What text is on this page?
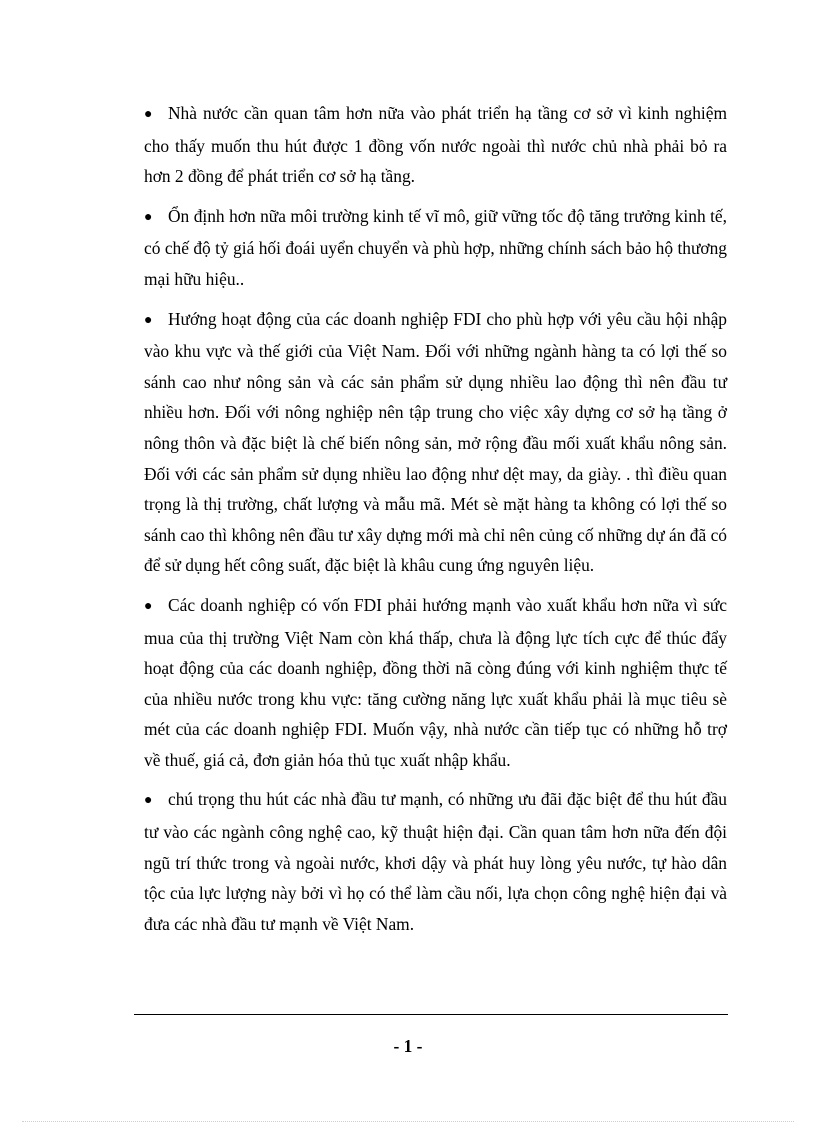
● Nhà nước cần quan tâm hơn nữa vào phát triển hạ tầng cơ sở vì kinh nghiệm cho thấy muốn thu hút được 1 đồng vốn nước ngoài thì nước chủ nhà phải bỏ ra hơn 2 đồng để phát triển cơ sở hạ tầng.

● Ổn định hơn nữa môi trường kinh tế vĩ mô, giữ vững tốc độ tăng trưởng kinh tế, có chế độ tỷ giá hối đoái uyển chuyển và phù hợp, những chính sách bảo hộ thương mại hữu hiệu..

● Hướng hoạt động của các doanh nghiệp FDI cho phù hợp với yêu cầu hội nhập vào khu vực và thế giới của Việt Nam. Đối với những ngành hàng ta có lợi thế so sánh cao như nông sản và các sản phẩm sử dụng nhiều lao động thì nên đầu tư nhiều hơn. Đối với nông nghiệp nên tập trung cho việc xây dựng cơ sở hạ tầng ở nông thôn và đặc biệt là chế biến nông sản, mở rộng đầu mối xuất khẩu nông sản. Đối với các sản phẩm sử dụng nhiều lao động như dệt may, da giày. . thì điều quan trọng là thị trường, chất lượng và mẫu mã. Mét sè mặt hàng ta không có lợi thế so sánh cao thì không nên đầu tư xây dựng mới mà chỉ nên củng cố những dự án đã có để sử dụng hết công suất, đặc biệt là khâu cung ứng nguyên liệu.

● Các doanh nghiệp có vốn FDI phải hướng mạnh vào xuất khẩu hơn nữa vì sức mua của thị trường Việt Nam còn khá thấp, chưa là động lực tích cực để thúc đẩy hoạt động của các doanh nghiệp, đồng thời nã còng đúng với kinh nghiệm thực tế của nhiều nước trong khu vực: tăng cường năng lực xuất khẩu phải là mục tiêu sè mét của các doanh nghiệp FDI. Muốn vậy, nhà nước cần tiếp tục có những hỗ trợ về thuế, giá cả, đơn giản hóa thủ tục xuất nhập khẩu.

● chú trọng thu hút các nhà đầu tư mạnh, có những ưu đãi đặc biệt để thu hút đầu tư vào các ngành công nghệ cao, kỹ thuật hiện đại. Cần quan tâm hơn nữa đến đội ngũ trí thức trong và ngoài nước, khơi dậy và phát huy lòng yêu nước, tự hào dân tộc của lực lượng này bởi vì họ có thể làm cầu nối, lựa chọn công nghệ hiện đại và đưa các nhà đầu tư mạnh về Việt Nam.

- 1 -
